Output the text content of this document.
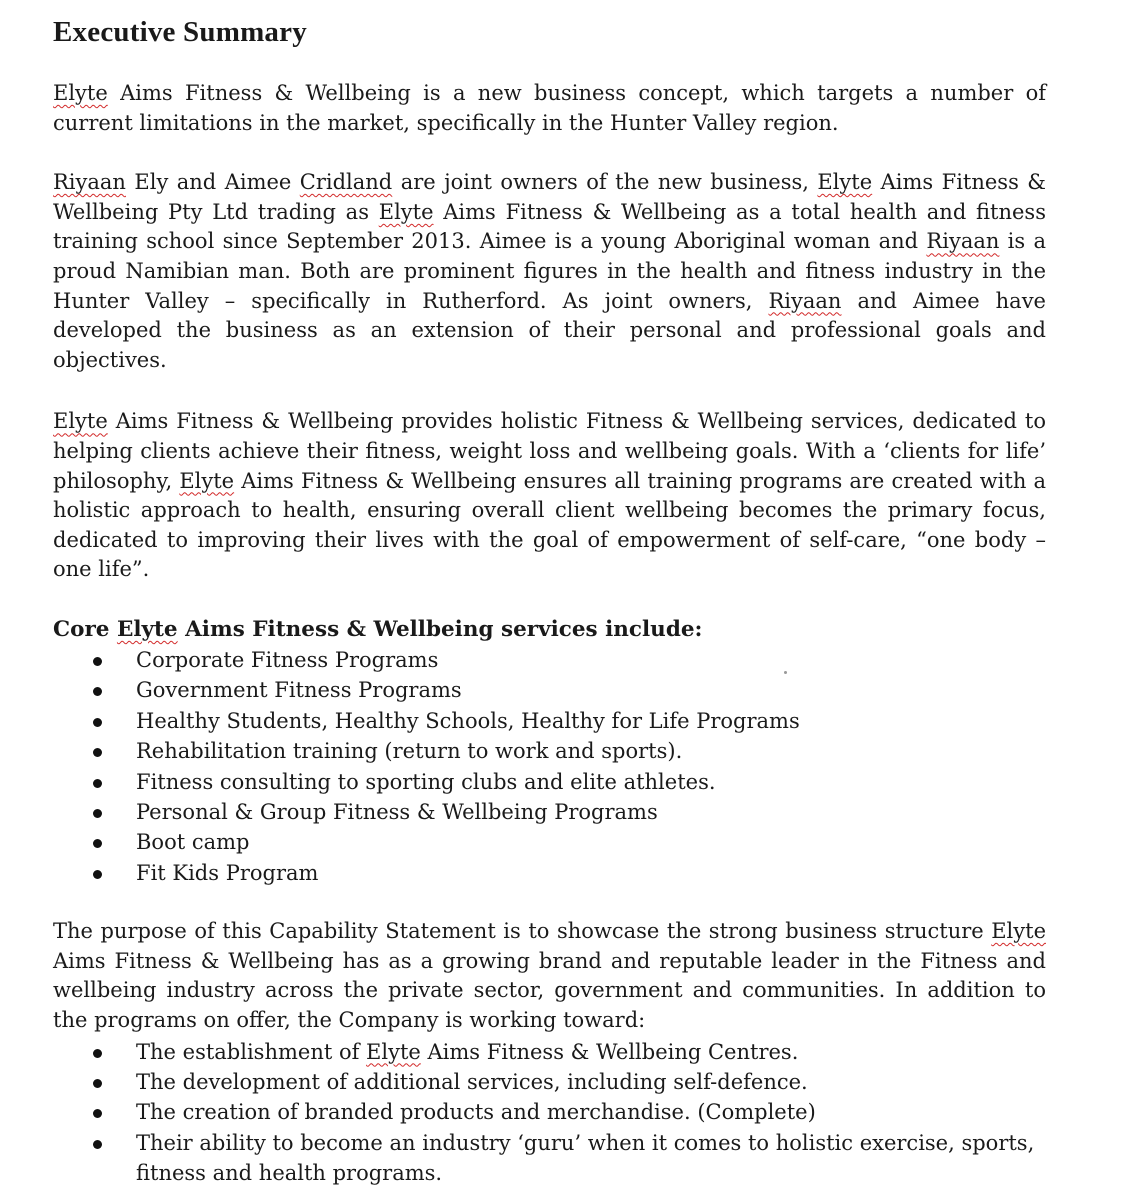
Executive Summary

Elyte Aims Fitness & Wellbeing is a new business concept, which targets a number of current limitations in the market, specifically in the Hunter Valley region.

Riyaan Ely and Aimee Cridland are joint owners of the new business, Elyte Aims Fitness & Wellbeing Pty Ltd trading as Elyte Aims Fitness & Wellbeing as a total health and fitness training school since September 2013. Aimee is a young Aboriginal woman and Riyaan is a proud Namibian man. Both are prominent figures in the health and fitness industry in the Hunter Valley – specifically in Rutherford. As joint owners, Riyaan and Aimee have developed the business as an extension of their personal and professional goals and objectives.

Elyte Aims Fitness & Wellbeing provides holistic Fitness & Wellbeing services, dedicated to helping clients achieve their fitness, weight loss and wellbeing goals. With a ‘clients for life’ philosophy, Elyte Aims Fitness & Wellbeing ensures all training programs are created with a holistic approach to health, ensuring overall client wellbeing becomes the primary focus, dedicated to improving their lives with the goal of empowerment of self-care, “one body – one life”.

Core Elyte Aims Fitness & Wellbeing services include:
Corporate Fitness Programs
Government Fitness Programs
Healthy Students, Healthy Schools, Healthy for Life Programs
Rehabilitation training (return to work and sports).
Fitness consulting to sporting clubs and elite athletes.
Personal & Group Fitness & Wellbeing Programs
Boot camp
Fit Kids Program

The purpose of this Capability Statement is to showcase the strong business structure Elyte Aims Fitness & Wellbeing has as a growing brand and reputable leader in the Fitness and wellbeing industry across the private sector, government and communities. In addition to the programs on offer, the Company is working toward:

The establishment of Elyte Aims Fitness & Wellbeing Centres.
The development of additional services, including self-defence.
The creation of branded products and merchandise. (Complete)
Their ability to become an industry ‘guru’ when it comes to holistic exercise, sports, fitness and health programs.
